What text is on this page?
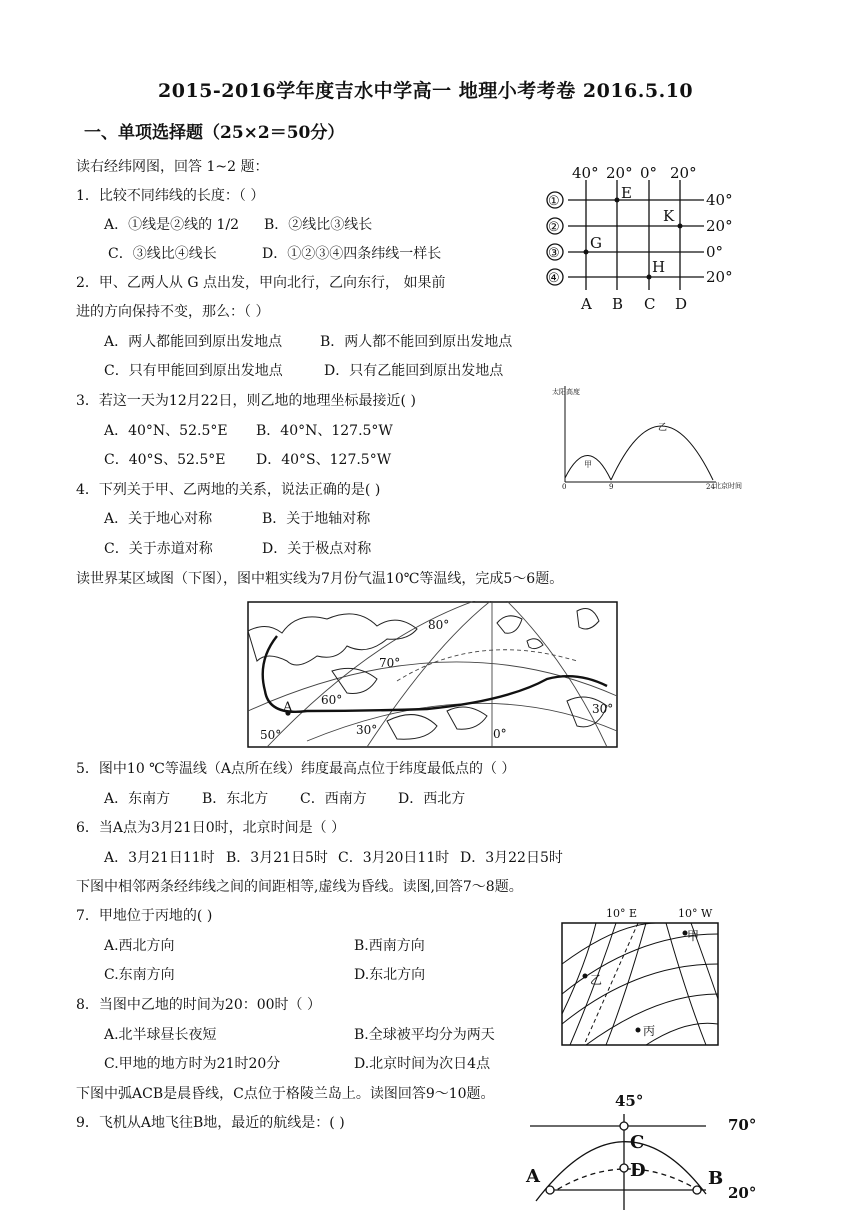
2015-2016学年度吉水中学高一 地理小考考卷 2016.5.10
一、单项选择题（25×2＝50分）
读右经纬网图，回答 1~2 题：
1．比较不同纬线的长度：（ ）
A．①线是②线的 1/2 B．②线比③线长
C．③线比④线长	D．①②③④四条纬线一样长
2．甲、乙两人从 G 点出发，甲向北行，乙向东行， 如果前
进的方向保持不变，那么：（ ）
A．两人都能回到原出发地点	B．两人都不能回到原出发地点
C．只有甲能回到原出发地点	D．只有乙能回到原出发地点
3．若这一天为12月22日，则乙地的地理坐标最接近( )
A．40°N、52.5°E B．40°N、127.5°W
C．40°S、52.5°E D．40°S、127.5°W
4．下列关于甲、乙两地的关系，说法正确的是( )
A．关于地心对称	B．关于地轴对称
C．关于赤道对称	D．关于极点对称
读世界某区域图（下图），图中粗实线为7月份气温10℃等温线，完成5～6题。
5．图中10 ℃等温线（A点所在线）纬度最高点位于纬度最低点的（ ）
A．东南方 B．东北方 C．西南方 D．西北方
6．当A点为3月21日0时，北京时间是（ ）
A．3月21日11时 B．3月21日5时 C．3月20日11时 D．3月22日5时
下图中相邻两条经纬线之间的间距相等,虚线为昏线。读图,回答7～8题。
7．甲地位于丙地的( )
A.西北方向	B.西南方向
C.东南方向	D.东北方向
8．当图中乙地的时间为20：00时（ ）
A.北半球昼长夜短	B.全球被平均分为两天
C.甲地的地方时为21时20分	D.北京时间为次日4点
下图中弧ACB是晨昏线，C点位于格陵兰岛上。读图回答9～10题。
9．飞机从A地飞往B地，最近的航线是：( )
40° 20° 0° 20°
40°
20°
0°
20°
①
②
③
④
A B C D
E
K
G
H
太阳高度
北京时间
0	9	24
甲
乙
80°
70°
60°
50°
30°
30°	0°
A
10° E	10° W
甲
乙
丙
45°
70°
20°
A	B
C
D
